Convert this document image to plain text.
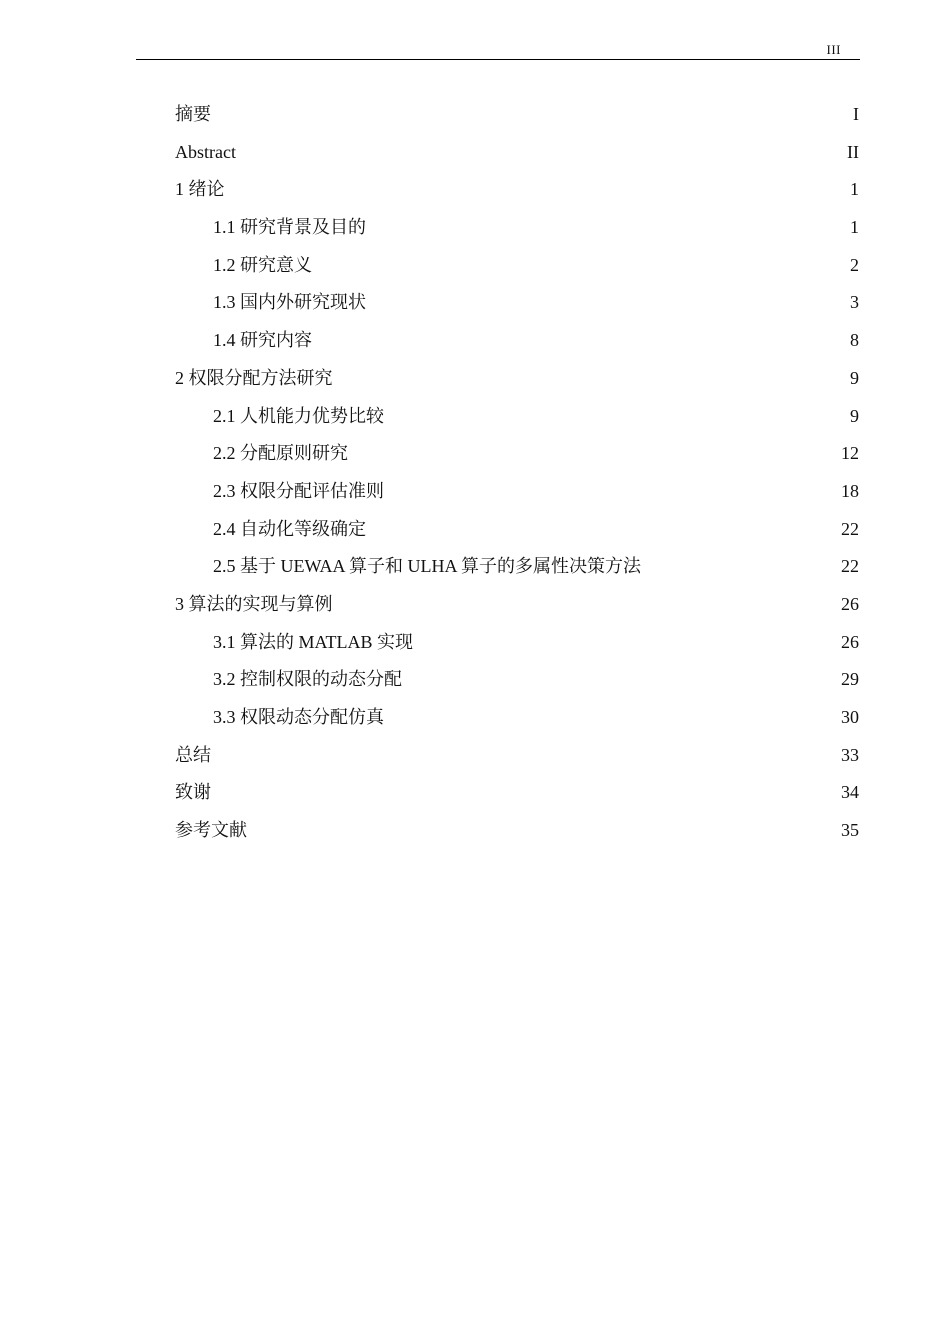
III
摘要	I
Abstract	II
1 绪论	1
1.1 研究背景及目的	1
1.2 研究意义	2
1.3 国内外研究现状	3
1.4 研究内容	8
2 权限分配方法研究	9
2.1 人机能力优势比较	9
2.2 分配原则研究	12
2.3 权限分配评估准则	18
2.4 自动化等级确定	22
2.5 基于 UEWAA 算子和 ULHA 算子的多属性决策方法	22
3 算法的实现与算例	26
3.1 算法的 MATLAB 实现	26
3.2 控制权限的动态分配	29
3.3 权限动态分配仿真	30
总结	33
致谢	34
参考文献	35
